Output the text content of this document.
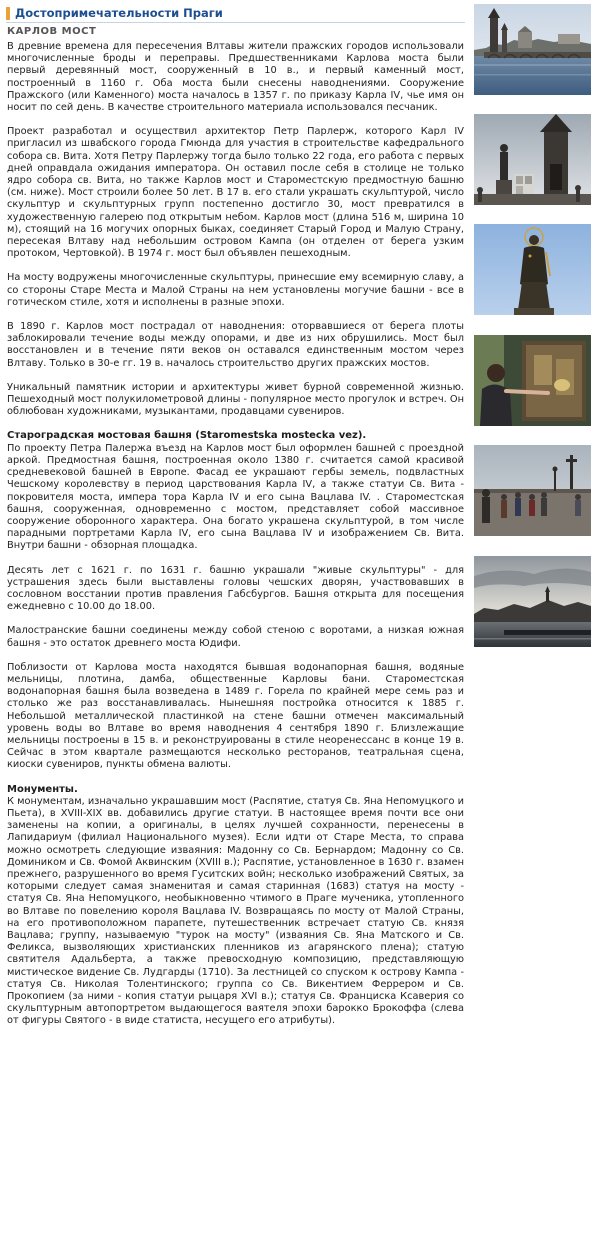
Достопримечательности Праги
КАРЛОВ МОСТ

В древние времена для пересечения Влтавы жители пражских городов использовали многочисленные броды и переправы. Предшественниками Карлова моста были первый деревянный мост, сооруженный в 10 в., и первый каменный мост, построенный в 1160 г. Оба моста были снесены наводнениями. Сооружение Пражского (или Каменного) моста началось в 1357 г. по приказу Карла IV, чье имя он носит по сей день. В качестве строительного материала использовался песчаник.

Проект разработал и осуществил архитектор Петр Парлерж, которого Карл IV пригласил из швабского города Гмюнда для участия в строительстве кафедрального собора св. Вита. Хотя Петру Парлержу тогда было только 22 года, его работа с первых дней оправдала ожидания императора. Он оставил после себя в столице не только ядро собора св. Вита, но также Карлов мост и Староместскую предмостную башню (см. ниже). Мост строили более 50 лет. В 17 в. его стали украшать скульптурой, число скульптур и скульптурных групп постепенно достигло 30, мост превратился в художественную галерею под открытым небом. Карлов мост (длина 516 м, ширина 10 м), стоящий на 16 могучих опорных быках, соединяет Старый Город и Малую Страну, пересекая Влтаву над небольшим островом Кампа (он отделен от берега узким протоком, Чертовкой). В 1974 г. мост был объявлен пешеходным.

На мосту водружены многочисленные скульптуры, принесшие ему всемирную славу, а со стороны Старе Места и Малой Страны на нем установлены могучие башни - все в готическом стиле, хотя и исполнены в разные эпохи.

В 1890 г. Карлов мост пострадал от наводнения: оторвавшиеся от берега плоты заблокировали течение воды между опорами, и две из них обрушились. Мост был восстановлен и в течение пяти веков он оставался единственным мостом через Влтаву. Только в 30-е гг. 19 в. началось строительство других пражских мостов.

Уникальный памятник истории и архитектуры живет бурной современной жизнью. Пешеходный мост полукилометровой длины - популярное место прогулок и встреч. Он облюбован художниками, музыкантами, продавцами сувениров.

Староградская мостовая башня (Staromestska mostecka vez).

По проекту Петра Палержа въезд на Карлов мост был оформлен башней с проездной аркой. Предмостная башня, построенная около 1380 г. считается самой красивой средневековой башней в Европе. Фасад ее украшают гербы земель, подвластных Чешскому королевству в период царствования Карла IV, а также статуи Св. Вита - покровителя моста, импера тора Карла IV и его сына Вацлава IV. . Староместская башня, сооруженная, одновременно с мостом, представляет собой массивное сооружение оборонного характера. Она богато украшена скульптурой, в том числе парадными портретами Карла IV, его сына Вацлава IV и изображением Св. Вита. Внутри башни - обзорная площадка.

Десять лет с 1621 г. по 1631 г. башню украшали "живые скульптуры" - для устрашения здесь были выставлены головы чешских дворян, участвовавших в сословном восстании против правления Габсбургов. Башня открыта для посещения ежедневно с 10.00 до 18.00.

Малостранские башни соединены между собой стеною с воротами, а низкая южная башня - это остаток древнего моста Юдифи.

Поблизости от Карлова моста находятся бывшая водонапорная башня, водяные мельницы, плотина, дамба, общественные Карловы бани. Староместская водонапорная башня была возведена в 1489 г. Горела по крайней мере семь раз и столько же раз восстанавливалась. Нынешняя постройка относится к 1885 г. Небольшой металлической пластинкой на стене башни отмечен максимальный уровень воды во Влтаве во время наводнения 4 сентября 1890 г. Близлежащие мельницы построены в 15 в. и реконструированы в стиле неоренессанс в конце 19 в. Сейчас в этом квартале размещаются несколько ресторанов, театральная сцена, киоски сувениров, пункты обмена валюты.

Монументы.

К монументам, изначально украшавшим мост (Распятие, статуя Св. Яна Непомуцкого и Пьета), в XVIII-XIX вв. добавились другие статуи. В настоящее время почти все они заменены на копии, а оригиналы, в целях лучшей сохранности, перенесены в Лапидариум (филиал Национального музея). Если идти от Старе Места, то справа можно осмотреть следующие изваяния: Мадонну со Св. Бернардом; Мадонну со Св. Домиником и Св. Фомой Аквинским (XVIII в.); Распятие, установленное в 1630 г. взамен прежнего, разрушенного во время Гуситских войн; несколько изображений Святых, за которыми следует самая знаменитая и самая старинная (1683) статуя на мосту - статуя Св. Яна Непомуцкого, необыкновенно чтимого в Праге мученика, утопленного во Влтаве по повелению короля Вацлава IV. Возвращаясь по мосту от Малой Страны, на его противоположном парапете, путешественник встречает статую Св. князя Вацлава; группу, называемую "турок на мосту" (изваяния Св. Яна Матского и Св. Феликса, вызволяющих христианских пленников из агарянского плена); статую святителя Адальберта, а также превосходную композицию, представляющую мистическое видение Св. Лудгарды (1710). За лестницей со спуском к острову Кампа - статуя Св. Николая Толентинского; группа со Св. Викентием Феррером и Св. Прокопием (за ними - копия статуи рыцаря XVI в.); статуя Св. Франциска Ксаверия со скульптурным автопортретом выдающегося ваятеля эпохи барокко Брокоффа (слева от фигуры Святого - в виде статиста, несущего его атрибуты).
